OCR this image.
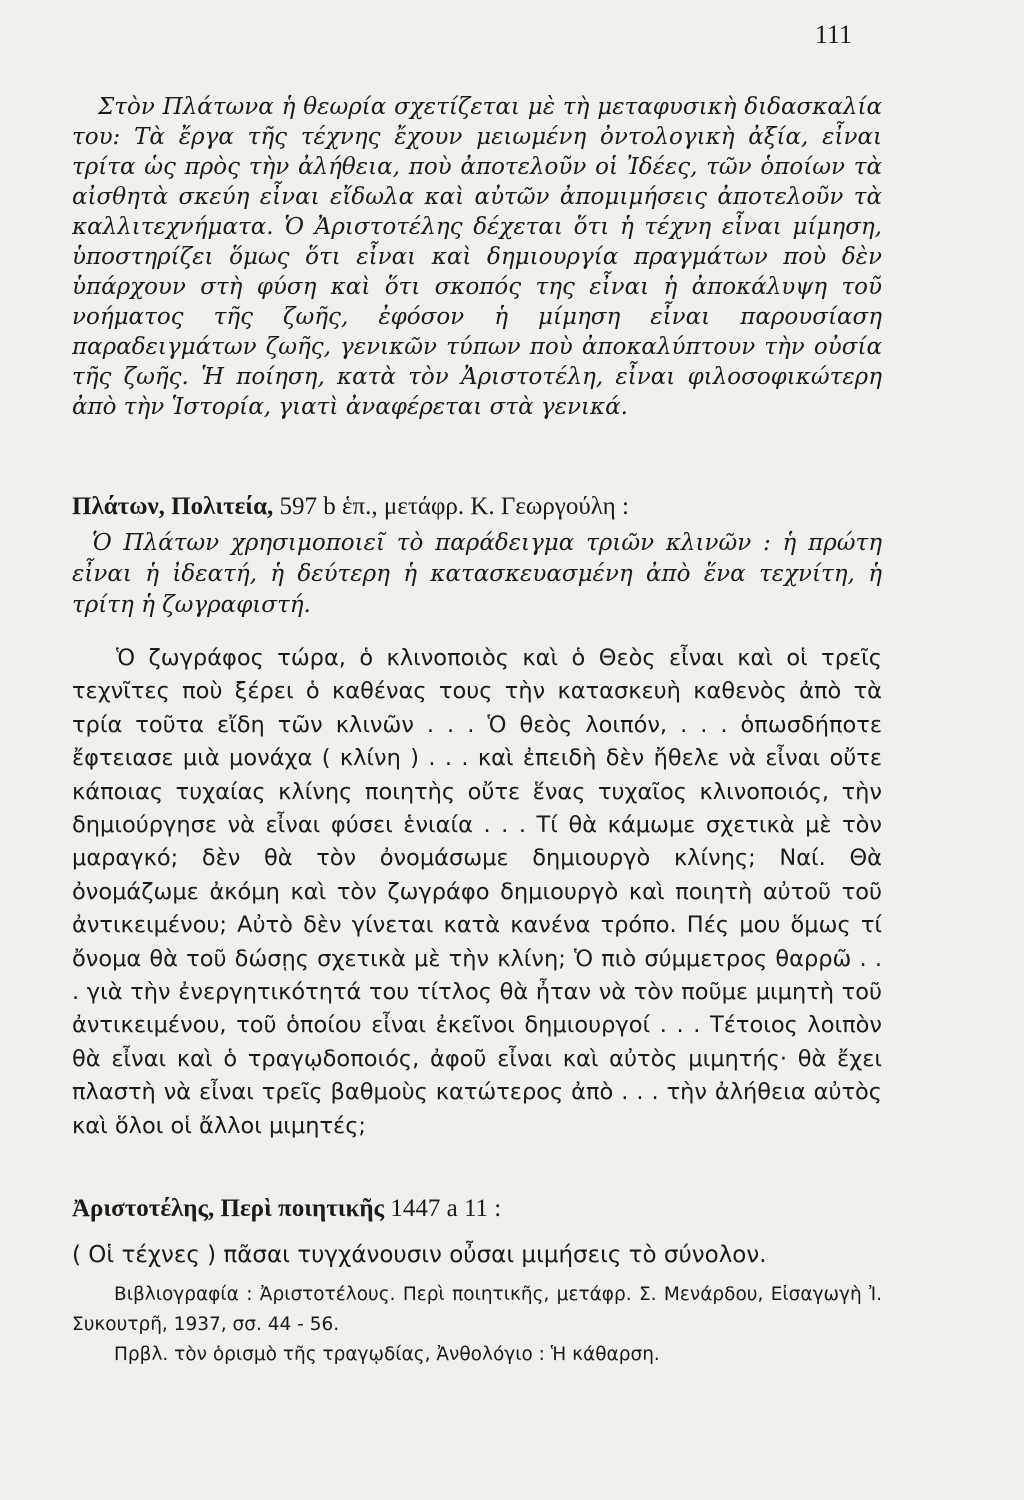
111

Στὸν Πλάτωνα ἡ θεωρία σχετίζεται μὲ τὴ μεταφυσικὴ διδασκαλία του: Τὰ ἔργα τῆς τέχνης ἔχουν μειωμένη ὀντολογικὴ ἀξία, εἶναι τρίτα ὡς πρὸς τὴν ἀλήθεια, ποὺ ἀποτελοῦν οἱ Ἰδέες, τῶν ὁποίων τὰ αἰσθητὰ σκεύη εἶναι εἴδωλα καὶ αὐτῶν ἀπομιμήσεις ἀποτελοῦν τὰ καλλιτεχνήματα. Ὁ Ἀριστοτέλης δέχεται ὅτι ἡ τέχνη εἶναι μίμηση, ὑποστηρίζει ὅμως ὅτι εἶναι καὶ δημιουργία πραγμάτων ποὺ δὲν ὑπάρχουν στὴ φύση καὶ ὅτι σκοπός της εἶναι ἡ ἀποκάλυψη τοῦ νοήματος τῆς ζωῆς, ἐφόσον ἡ μίμηση εἶναι παρουσίαση παραδειγμάτων ζωῆς, γενικῶν τύπων ποὺ ἀποκαλύπτουν τὴν οὐσία τῆς ζωῆς. Ἡ ποίηση, κατὰ τὸν Ἀριστοτέλη, εἶναι φιλοσοφικώτερη ἀπὸ τὴν Ἱστορία, γιατὶ ἀναφέρεται στὰ γενικά.

Πλάτων, Πολιτεία, 597 b ἑπ., μετάφρ. Κ. Γεωργούλη :

Ὁ Πλάτων χρησιμοποιεῖ τὸ παράδειγμα τριῶν κλινῶν : ἡ πρώτη εἶναι ἡ ἰδεατή, ἡ δεύτερη ἡ κατασκευασμένη ἀπὸ ἕνα τεχνίτη, ἡ τρίτη ἡ ζωγραφιστή.

Ὁ ζωγράφος τώρα, ὁ κλινοποιὸς καὶ ὁ Θεὸς εἶναι καὶ οἱ τρεῖς τεχνῖτες ποὺ ξέρει ὁ καθένας τους τὴν κατασκευὴ καθενὸς ἀπὸ τὰ τρία τοῦτα εἴδη τῶν κλινῶν . . . Ὁ θεὸς λοιπόν, . . . ὁπωσδήποτε ἔφτειασε μιὰ μονάχα ( κλίνη ) . . . καὶ ἐπειδὴ δὲν ἤθελε νὰ εἶναι οὔτε κάποιας τυχαίας κλίνης ποιητὴς οὔτε ἕνας τυχαῖος κλινοποιός, τὴν δημιούργησε νὰ εἶναι φύσει ἑνιαία . . . Τί θὰ κάμωμε σχετικὰ μὲ τὸν μαραγκό; δὲν θὰ τὸν ὀνομάσωμε δημιουργὸ κλίνης; Ναί. Θὰ ὀνομάζωμε ἀκόμη καὶ τὸν ζωγράφο δημιουργὸ καὶ ποιητὴ αὐτοῦ τοῦ ἀντικειμένου; Αὐτὸ δὲν γίνεται κατὰ κανένα τρόπο. Πές μου ὅμως τί ὄνομα θὰ τοῦ δώσῃς σχετικὰ μὲ τὴν κλίνη; Ὁ πιὸ σύμμετρος θαρρῶ . . . γιὰ τὴν ἐνεργητικότητά του τίτλος θὰ ἦταν νὰ τὸν ποῦμε μιμητὴ τοῦ ἀντικειμένου, τοῦ ὁποίου εἶναι ἐκεῖνοι δημιουργοί . . . Τέτοιος λοιπὸν θὰ εἶναι καὶ ὁ τραγῳδοποιός, ἀφοῦ εἶναι καὶ αὐτὸς μιμητής· θὰ ἔχει πλαστὴ νὰ εἶναι τρεῖς βαθμοὺς κατώτερος ἀπὸ . . . τὴν ἀλήθεια αὐτὸς καὶ ὅλοι οἱ ἄλλοι μιμητές;

Ἀριστοτέλης, Περὶ ποιητικῆς 1447 a 11 :

( Οἱ τέχνες ) πᾶσαι τυγχάνουσιν οὖσαι μιμήσεις τὸ σύνολον.

Βιβλιογραφία : Ἀριστοτέλους. Περὶ ποιητικῆς, μετάφρ. Σ. Μενάρδου, Εἰσαγωγὴ Ἰ. Συκουτρῆ, 1937, σσ. 44 - 56.

Πρβλ. τὸν ὁρισμὸ τῆς τραγῳδίας, Ἀνθολόγιο : Ἡ κάθαρση.
